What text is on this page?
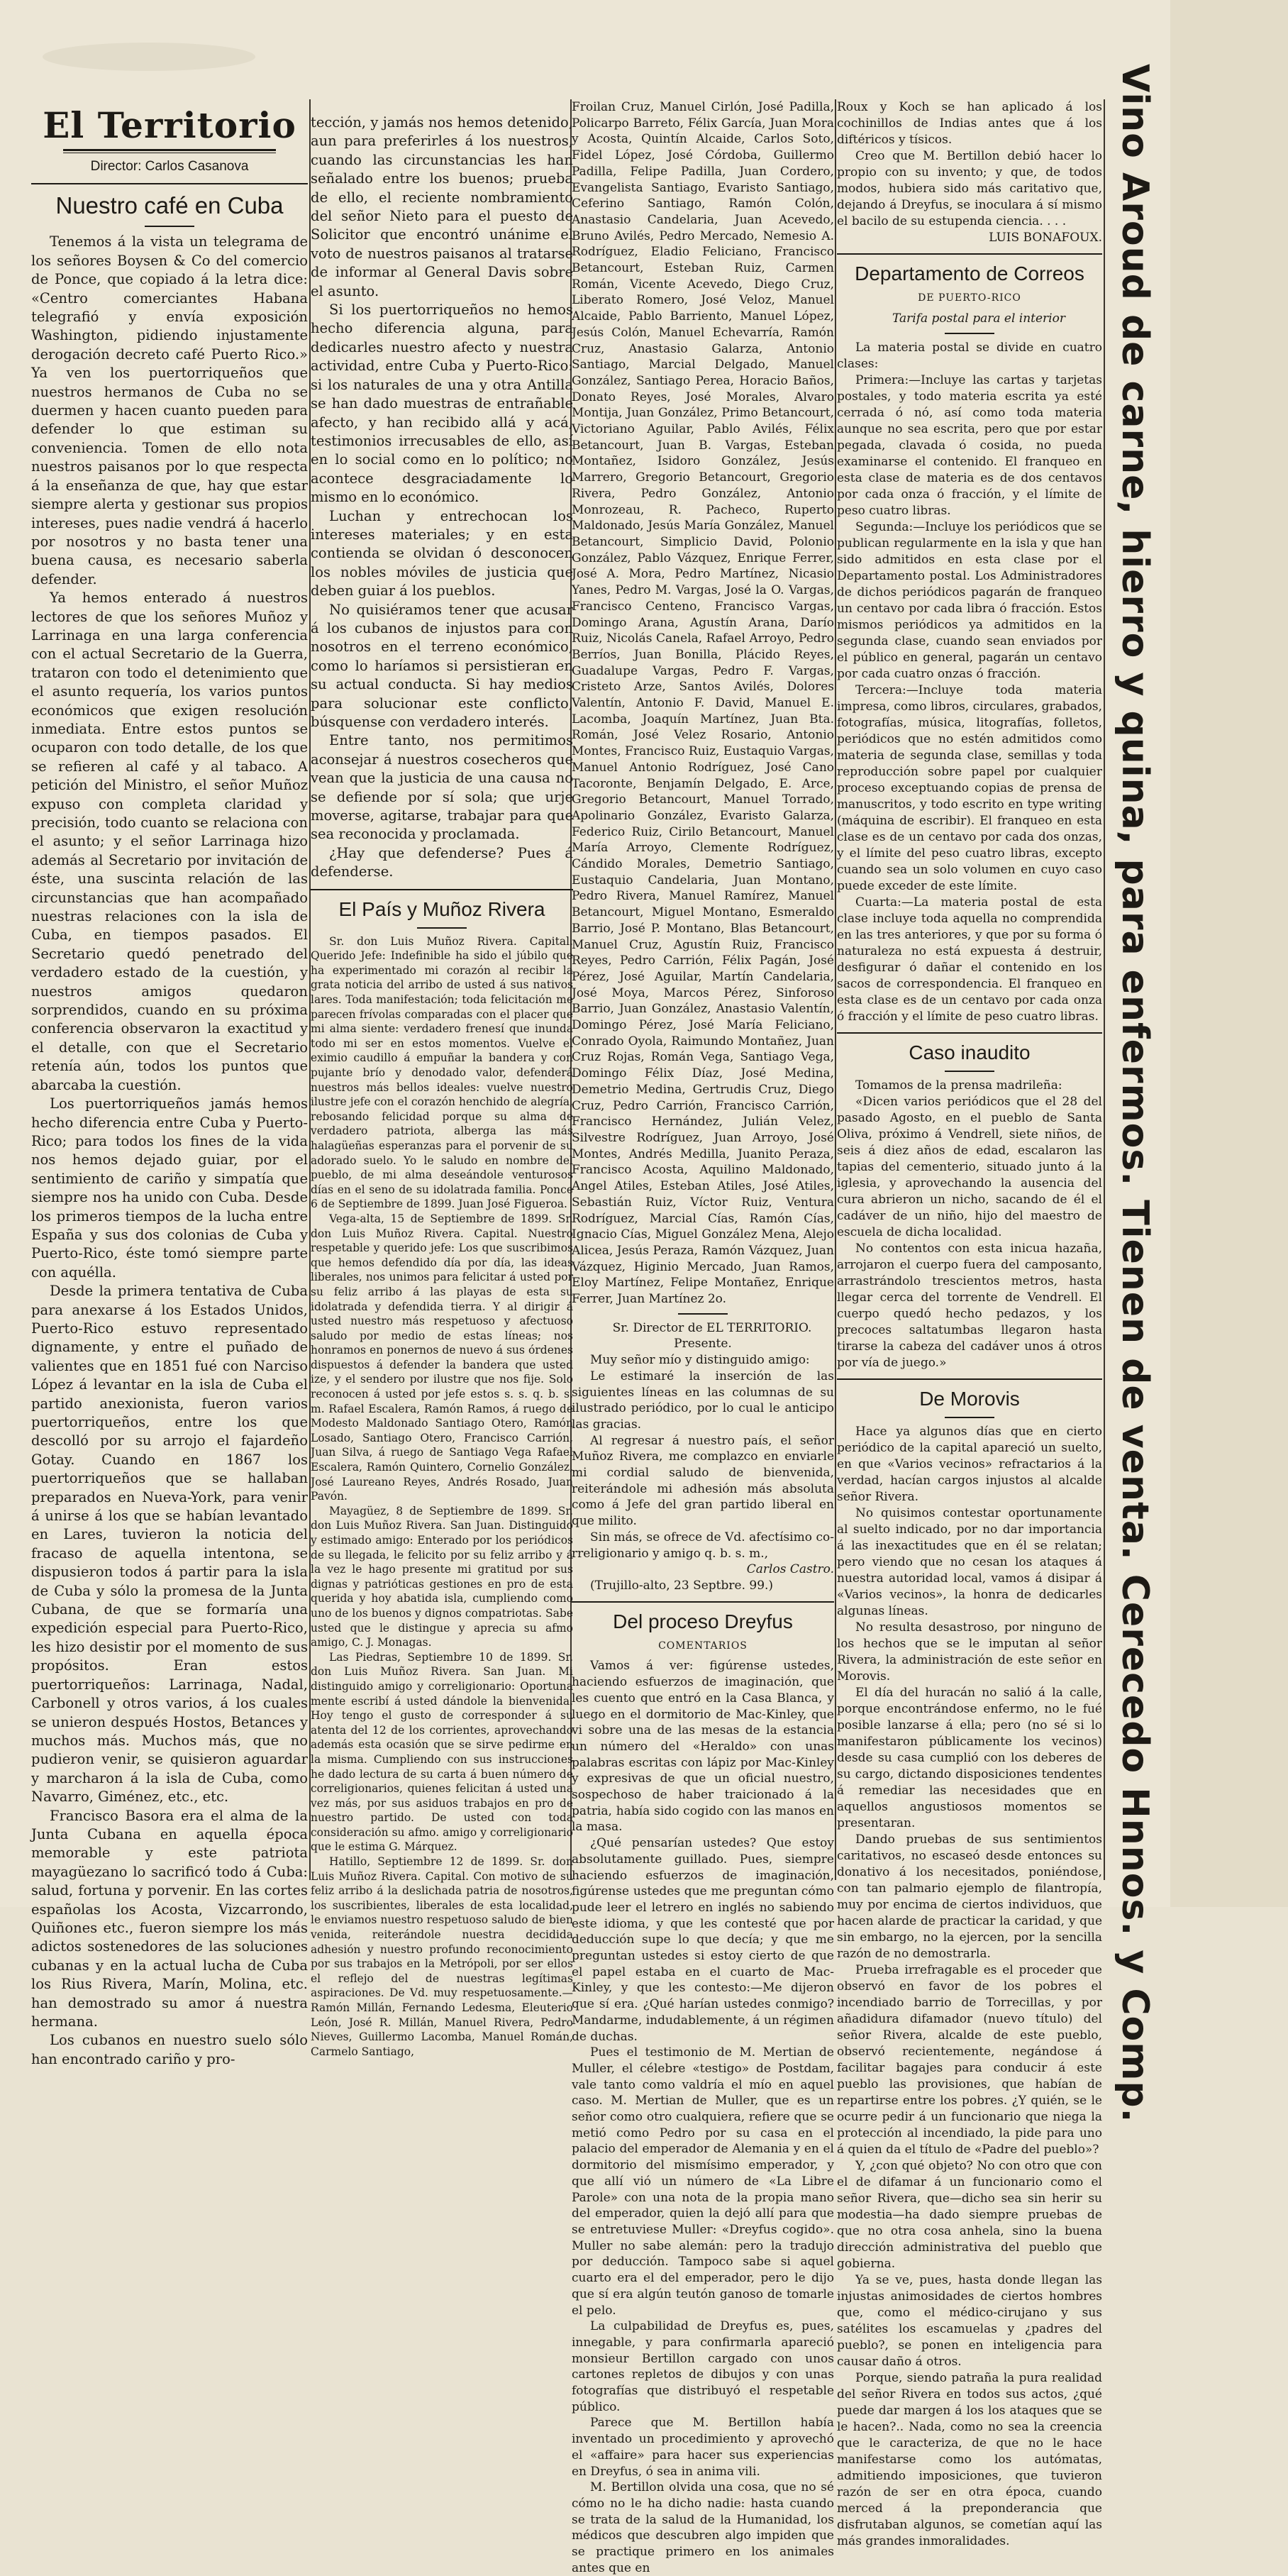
El Territorio
Director: Carlos Casanova
Nuestro café en Cuba

Tenemos á la vista un telegrama de los señores Boysen & Co del comercio de Ponce, que copiado á la letra dice: «Centro comerciantes Habana telegrafió y envía exposición Washington, pidiendo injustamente derogación decreto café Puerto Rico.» Ya ven los puertorriqueños que nuestros hermanos de Cuba no se duermen y hacen cuanto pueden para defender lo que estiman su conveniencia. Tomen de ello nota nuestros paisanos por lo que respecta á la enseñanza de que, hay que estar siempre alerta y gestionar sus propios intereses, pues nadie vendrá á hacerlo por nosotros y no basta tener una buena causa, es necesario saberla defender.

Ya hemos enterado á nuestros lectores de que los señores Muñoz y Larrinaga en una larga conferencia con el actual Secretario de la Guerra, trataron con todo el detenimiento que el asunto requería, los varios puntos económicos que exigen resolución inmediata. Entre estos puntos se ocuparon con todo detalle, de los que se refieren al café y al tabaco. A petición del Ministro, el señor Muñoz expuso con completa claridad y precisión, todo cuanto se relaciona con el asunto; y el señor Larrinaga hizo además al Secretario por invitación de éste, una suscinta relación de las circunstancias que han acompañado nuestras relaciones con la isla de Cuba, en tiempos pasados. El Secretario quedó penetrado del verdadero estado de la cuestión, y nuestros amigos quedaron sorprendidos, cuando en su próxima conferencia observaron la exactitud y el detalle, con que el Secretario retenía aún, todos los puntos que abarcaba la cuestión.

Los puertorriqueños jamás hemos hecho diferencia entre Cuba y Puerto-Rico; para todos los fines de la vida nos hemos dejado guiar, por el sentimiento de cariño y simpatía que siempre nos ha unido con Cuba. Desde los primeros tiempos de la lucha entre España y sus dos colonias de Cuba y Puerto-Rico, éste tomó siempre parte con aquélla.

Desde la primera tentativa de Cuba para anexarse á los Estados Unidos, Puerto-Rico estuvo representado dignamente, y entre el puñado de valientes que en 1851 fué con Narciso López á levantar en la isla de Cuba el partido anexionista, fueron varios puertorriqueños, entre los que descolló por su arrojo el fajardeño Gotay. Cuando en 1867 los puertorriqueños que se hallaban preparados en Nueva-York, para venir á unirse á los que se habían levantado en Lares, tuvieron la noticia del fracaso de aquella intentona, se dispusieron todos á partir para la isla de Cuba y sólo la promesa de la Junta Cubana, de que se formaría una expedición especial para Puerto-Rico, les hizo desistir por el momento de sus propósitos. Eran estos puertorriqueños: Larrinaga, Nadal, Carbonell y otros varios, á los cuales se unieron después Hostos, Betances y muchos más. Muchos más, que no pudieron venir, se quisieron aguardar y marcharon á la isla de Cuba, como Navarro, Giménez, etc., etc.

Francisco Basora era el alma de la Junta Cubana en aquella época memorable y este patriota mayagüezano lo sacrificó todo á Cuba: salud, fortuna y porvenir. En las cortes españolas los Acosta, Vizcarrondo, Quiñones etc., fueron siempre los más adictos sostenedores de las soluciones cubanas y en la actual lucha de Cuba los Rius Rivera, Marín, Molina, etc. han demostrado su amor á nuestra hermana.

Los cubanos en nuestro suelo sólo han encontrado cariño y pro-

tección, y jamás nos hemos detenido, aun para preferirles á los nuestros, cuando las circunstancias les han señalado entre los buenos; prueba de ello, el reciente nombramiento del señor Nieto para el puesto de Solicitor que encontró unánime el voto de nuestros paisanos al tratarse de informar al General Davis sobre el asunto.

Si los puertorriqueños no hemos hecho diferencia alguna, para dedicarles nuestro afecto y nuestra actividad, entre Cuba y Puerto-Rico: si los naturales de una y otra Antilla se han dado muestras de entrañable afecto, y han recibido allá y acá, testimonios irrecusables de ello, así en lo social como en lo político; no acontece desgraciadamente lo mismo en lo económico.

Luchan y entrechocan los intereses materiales; y en esta contienda se olvidan ó desconocen los nobles móviles de justicia que deben guiar á los pueblos.

No quisiéramos tener que acusar á los cubanos de injustos para con nosotros en el terreno económico, como lo haríamos si persistieran en su actual conducta. Si hay medios para solucionar este conflicto, búsquense con verdadero interés.

Entre tanto, nos permitimos aconsejar á nuestros cosecheros que vean que la justicia de una causa no se defiende por sí sola; que urje moverse, agitarse, trabajar para que sea reconocida y proclamada.

¿Hay que defenderse? Pues á defenderse.

El País y Muñoz Rivera

Sr. don Luis Muñoz Rivera. Capital. Querido Jefe: Indefinible ha sido el júbilo que ha experimentado mi corazón al recibir la grata noticia del arribo de usted á sus nativos lares. Toda manifestación; toda felicitación me parecen frívolas comparadas con el placer que mi alma siente: verdadero frenesí que inunda todo mi ser en estos momentos. Vuelve el eximio caudillo á empuñar la bandera y con pujante brío y denodado valor, defenderá nuestros más bellos ideales: vuelve nuestro ilustre jefe con el corazón henchido de alegría, rebosando felicidad porque su alma de verdadero patriota, alberga las más halagüeñas esperanzas para el porvenir de su adorado suelo. Yo le saludo en nombre del pueblo, de mi alma deseándole venturosos días en el seno de su idolatrada familia. Ponce 6 de Septiembre de 1899. Juan José Figueroa.

Vega-alta, 15 de Septiembre de 1899. Sr. don Luis Muñoz Rivera. Capital. Nuestro respetable y querido jefe: Los que suscribimos que hemos defendido día por día, las ideas liberales, nos unimos para felicitar á usted por su feliz arribo á las playas de esta su idolatrada y defendida tierra. Y al dirigir á usted nuestro más respetuoso y afectuoso saludo por medio de estas líneas; nos honramos en ponernos de nuevo á sus órdenes dispuestos á defender la bandera que usted ize, y el sendero por ilustre que nos fije. Solo reconocen á usted por jefe estos s. s. q. b. s. m. Rafael Escalera, Ramón Ramos, á ruego de Modesto Maldonado Santiago Otero, Ramón Losado, Santiago Otero, Francisco Carrión, Juan Silva, á ruego de Santiago Vega Rafael Escalera, Ramón Quintero, Cornelio González, José Laureano Reyes, Andrés Rosado, Juan Pavón.

Mayagüez, 8 de Septiembre de 1899. Sr. don Luis Muñoz Rivera. San Juan. Distinguido y estimado amigo: Enterado por los periódicos de su llegada, le felicito por su feliz arribo y á la vez le hago presente mi gratitud por sus dignas y patrióticas gestiones en pro de esta querida y hoy abatida isla, cumpliendo como uno de los buenos y dignos compatriotas. Sabe usted que le distingue y aprecia su afmo amigo, C. J. Monagas.

Las Piedras, Septiembre 10 de 1899. Sr. don Luis Muñoz Rivera. San Juan. Mi distinguido amigo y correligionario: Oportuna mente escribí á usted dándole la bienvenida. Hoy tengo el gusto de corresponder á su atenta del 12 de los corrientes, aprovechando además esta ocasión que se sirve pedirme en la misma. Cumpliendo con sus instrucciones he dado lectura de su carta á buen número de correligionarios, quienes felicitan á usted una vez más, por sus asiduos trabajos en pro de nuestro partido. De usted con toda consideración su afmo. amigo y correligionario que le estima G. Márquez.

Hatillo, Septiembre 12 de 1899. Sr. don Luis Muñoz Rivera. Capital. Con motivo de su feliz arribo á la deslichada patria de nosotros, los suscribientes, liberales de esta localidad, le enviamos nuestro respetuoso saludo de bien venida, reiterándole nuestra decidida adhesión y nuestro profundo reconocimiento por sus trabajos en la Metrópoli, por ser ellos el reflejo del de nuestras legítimas aspiraciones. De Vd. muy respetuosamente.—Ramón Millán, Fernando Ledesma, Eleuterio León, José R. Millán, Manuel Rivera, Pedro Nieves, Guillermo Lacomba, Manuel Román, Carmelo Santiago,

Froilan Cruz, Manuel Cirlón, José Padilla, Policarpo Barreto, Félix García, Juan Mora y Acosta, Quintín Alcaide, Carlos Soto, Fidel López, José Córdoba, Guillermo Padilla, Felipe Padilla, Juan Cordero, Evangelista Santiago, Evaristo Santiago, Ceferino Santiago, Ramón Colón, Anastasio Candelaria, Juan Acevedo, Bruno Avilés, Pedro Mercado, Nemesio A. Rodríguez, Eladio Feliciano, Francisco Betancourt, Esteban Ruiz, Carmen Román, Vicente Acevedo, Diego Cruz, Liberato Romero, José Veloz, Manuel Alcaide, Pablo Barriento, Manuel López, Jesús Colón, Manuel Echevarría, Ramón Cruz, Anastasio Galarza, Antonio Santiago, Marcial Delgado, Manuel González, Santiago Perea, Horacio Baños, Donato Reyes, José Morales, Alvaro Montija, Juan González, Primo Betancourt, Victoriano Aguilar, Pablo Avilés, Félix Betancourt, Juan B. Vargas, Esteban Montañez, Isidoro González, Jesús Marrero, Gregorio Betancourt, Gregorio Rivera, Pedro González, Antonio Monrozeau, R. Pacheco, Ruperto Maldonado, Jesús María González, Manuel Betancourt, Simplicio David, Polonio González, Pablo Vázquez, Enrique Ferrer, José A. Mora, Pedro Martínez, Nicasio Yanes, Pedro M. Vargas, José la O. Vargas, Francisco Centeno, Francisco Vargas, Domingo Arana, Agustín Arana, Darío Ruiz, Nicolás Canela, Rafael Arroyo, Pedro Berríos, Juan Bonilla, Plácido Reyes, Guadalupe Vargas, Pedro F. Vargas, Cristeto Arze, Santos Avilés, Dolores Valentín, Antonio F. David, Manuel E. Lacomba, Joaquín Martínez, Juan Bta. Román, José Velez Rosario, Antonio Montes, Francisco Ruiz, Eustaquio Vargas, Manuel Antonio Rodríguez, José Cano Tacoronte, Benjamín Delgado, E. Arce, Gregorio Betancourt, Manuel Torrado, Apolinario González, Evaristo Galarza, Federico Ruiz, Cirilo Betancourt, Manuel María Arroyo, Clemente Rodríguez, Cándido Morales, Demetrio Santiago, Eustaquio Candelaria, Juan Montano, Pedro Rivera, Manuel Ramírez, Manuel Betancourt, Miguel Montano, Esmeraldo Barrio, José P. Montano, Blas Betancourt, Manuel Cruz, Agustín Ruiz, Francisco Reyes, Pedro Carrión, Félix Pagán, José Pérez, José Aguilar, Martín Candelaria, José Moya, Marcos Pérez, Sinforoso Barrio, Juan González, Anastasio Valentín, Domingo Pérez, José María Feliciano, Conrado Oyola, Raimundo Montañez, Juan Cruz Rojas, Román Vega, Santiago Vega, Domingo Félix Díaz, José Medina, Demetrio Medina, Gertrudis Cruz, Diego Cruz, Pedro Carrión, Francisco Carrión, Francisco Hernández, Julián Velez, Silvestre Rodríguez, Juan Arroyo, José Montes, Andrés Medilla, Juanito Peraza, Francisco Acosta, Aquilino Maldonado, Angel Atiles, Esteban Atiles, José Atiles, Sebastián Ruiz, Víctor Ruiz, Ventura Rodríguez, Marcial Cías, Ramón Cías, Ignacio Cías, Miguel González Mena, Alejo Alicea, Jesús Peraza, Ramón Vázquez, Juan Vázquez, Higinio Mercado, Juan Ramos, Eloy Martínez, Felipe Montañez, Enrique Ferrer, Juan Martínez 2o.

Sr. Director de EL TERRITORIO. Presente.

Muy señor mío y distinguido amigo:

Le estimaré la inserción de las siguientes líneas en las columnas de su ilustrado periódico, por lo cual le anticipo las gracias.

Al regresar á nuestro país, el señor Muñoz Rivera, me complazco en enviarle mi cordial saludo de bienvenida, reiterándole mi adhesión más absoluta como á Jefe del gran partido liberal en que milito.

Sin más, se ofrece de Vd. afectísimo co-rreligionario y amigo q. b. s. m.,

Carlos Castro.

(Trujillo-alto, 23 Septbre. 99.)

Del proceso Dreyfus
COMENTARIOS

Vamos á ver: figúrense ustedes, haciendo esfuerzos de imaginación, que les cuento que entró en la Casa Blanca, y luego en el dormitorio de Mac-Kinley, que vi sobre una de las mesas de la estancia un número del «Heraldo» con unas palabras escritas con lápiz por Mac-Kinley y expresivas de que un oficial nuestro, sospechoso de haber traicionado á la patria, había sido cogido con las manos en la masa.

¿Qué pensarían ustedes? Que estoy absolutamente guillado. Pues, siempre haciendo esfuerzos de imaginación, figúrense ustedes que me preguntan cómo pude leer el letrero en inglés no sabiendo este idioma, y que les contesté que por deducción supe lo que decía; y que me preguntan ustedes si estoy cierto de que el papel estaba en el cuarto de Mac-Kinley, y que les contesto:—Me dijeron que sí era. ¿Qué harían ustedes conmigo? Mandarme, indudablemente, á un régimen de duchas.

Pues el testimonio de M. Mertian de Muller, el célebre «testigo» de Postdam, vale tanto como valdría el mío en aquel caso. M. Mertian de Muller, que es un señor como otro cualquiera, refiere que se metió como Pedro por su casa en el palacio del emperador de Alemania y en el dormitorio del mismísimo emperador, y que allí vió un número de «La Libre Parole» con una nota de la propia mano del emperador, quien la dejó allí para que se entretuviese Muller: «Dreyfus cogido». Muller no sabe alemán: pero la tradujo por deducción. Tampoco sabe si aquel cuarto era el del emperador, pero le dijo que sí era algún teutón ganoso de tomarle el pelo.

La culpabilidad de Dreyfus es, pues, innegable, y para confirmarla apareció monsieur Bertillon cargado con unos cartones repletos de dibujos y con unas fotografías que distribuyó el respetable público.

Parece que M. Bertillon había inventado un procedimiento y aprovechó el «affaire» para hacer sus experiencias en Dreyfus, ó sea in anima vili.

M. Bertillon olvida una cosa, que no sé cómo no le ha dicho nadie: hasta cuando se trata de la salud de la Humanidad, los médicos que descubren algo impiden que se practique primero en los animales antes que en

Roux y Koch se han aplicado á los cochinillos de Indias antes que á los diftéricos y tísicos.

Creo que M. Bertillon debió hacer lo propio con su invento; y que, de todos modos, hubiera sido más caritativo que, dejando á Dreyfus, se inoculara á sí mismo el bacilo de su estupenda ciencia. . . .

LUIS BONAFOUX.

Departamento de Correos
DE PUERTO-RICO

Tarifa postal para el interior

La materia postal se divide en cuatro clases:

Primera:—Incluye las cartas y tarjetas postales, y todo materia escrita ya esté cerrada ó nó, así como toda materia aunque no sea escrita, pero que por estar pegada, clavada ó cosida, no pueda examinarse el contenido. El franqueo en esta clase de materia es de dos centavos por cada onza ó fracción, y el límite de peso cuatro libras.

Segunda:—Incluye los periódicos que se publican regularmente en la isla y que han sido admitidos en esta clase por el Departamento postal. Los Administradores de dichos periódicos pagarán de franqueo un centavo por cada libra ó fracción. Estos mismos periódicos ya admitidos en la segunda clase, cuando sean enviados por el público en general, pagarán un centavo por cada cuatro onzas ó fracción.

Tercera:—Incluye toda materia impresa, como libros, circulares, grabados, fotografías, música, litografías, folletos, periódicos que no estén admitidos como materia de segunda clase, semillas y toda reproducción sobre papel por cualquier proceso exceptuando copias de prensa de manuscritos, y todo escrito en type writing (máquina de escribir). El franqueo en esta clase es de un centavo por cada dos onzas, y el límite del peso cuatro libras, excepto cuando sea un solo volumen en cuyo caso puede exceder de este límite.

Cuarta:—La materia postal de esta clase incluye toda aquella no comprendida en las tres anteriores, y que por su forma ó naturaleza no está expuesta á destruir, desfigurar ó dañar el contenido en los sacos de correspondencia. El franqueo en esta clase es de un centavo por cada onza ó fracción y el límite de peso cuatro libras.

Caso inaudito

Tomamos de la prensa madrileña:

«Dicen varios periódicos que el 28 del pasado Agosto, en el pueblo de Santa Oliva, próximo á Vendrell, siete niños, de seis á diez años de edad, escalaron las tapias del cementerio, situado junto á la iglesia, y aprovechando la ausencia del cura abrieron un nicho, sacando de él el cadáver de un niño, hijo del maestro de escuela de dicha localidad.

No contentos con esta inicua hazaña, arrojaron el cuerpo fuera del camposanto, arrastrándolo trescientos metros, hasta llegar cerca del torrente de Vendrell. El cuerpo quedó hecho pedazos, y los precoces saltatumbas llegaron hasta tirarse la cabeza del cadáver unos á otros por vía de juego.»

De Morovis

Hace ya algunos días que en cierto periódico de la capital apareció un suelto, en que «Varios vecinos» refractarios á la verdad, hacían cargos injustos al alcalde señor Rivera.

No quisimos contestar oportunamente al suelto indicado, por no dar importancia á las inexactitudes que en él se relatan; pero viendo que no cesan los ataques á nuestra autoridad local, vamos á disipar á «Varios vecinos», la honra de dedicarles algunas líneas.

No resulta desastroso, por ninguno de los hechos que se le imputan al señor Rivera, la administración de este señor en Morovis.

El día del huracán no salió á la calle, porque encontrándose enfermo, no le fué posible lanzarse á ella; pero (no sé si lo manifestaron públicamente los vecinos) desde su casa cumplió con los deberes de su cargo, dictando disposiciones tendentes á remediar las necesidades que en aquellos angustiosos momentos se presentaran.

Dando pruebas de sus sentimientos caritativos, no escaseó desde entonces su donativo á los necesitados, poniéndose, con tan palmario ejemplo de filantropía, muy por encima de ciertos individuos, que hacen alarde de practicar la caridad, y que sin embargo, no la ejercen, por la sencilla razón de no demostrarla.

Prueba irrefragable es el proceder que observó en favor de los pobres el incendiado barrio de Torrecillas, y por añadidura difamador (nuevo título) del señor Rivera, alcalde de este pueblo, observó recientemente, negándose á facilitar bagajes para conducir á este pueblo las provisiones, que habían de repartirse entre los pobres. ¿Y quién, se le ocurre pedir á un funcionario que niega la protección al incendiado, la pide para uno á quien da el título de «Padre del pueblo»?

Y, ¿con qué objeto? No con otro que con el de difamar á un funcionario como el señor Rivera, que—dicho sea sin herir su modestia—ha dado siempre pruebas de que no otra cosa anhela, sino la buena dirección administrativa del pueblo que gobierna.

Ya se ve, pues, hasta donde llegan las injustas animosidades de ciertos hombres que, como el médico-cirujano y sus satélites los escamuelas y ¿padres del pueblo?, se ponen en inteligencia para causar daño á otros.

Porque, siendo patraña la pura realidad del señor Rivera en todos sus actos, ¿qué puede dar margen á los los ataques que se le hacen?.. Nada, como no sea la creencia que le caracteriza, de que no le hace manifestarse como los autómatas, admitiendo imposiciones, que tuvieron razón de ser en otra época, cuando merced á la preponderancia que disfrutaban algunos, se cometían aquí las más grandes inmoralidades.

Vino Aroud de carne, hierro y quina, para enfermos. Tienen de venta. Cerecedo Hnnos. y Comp.
